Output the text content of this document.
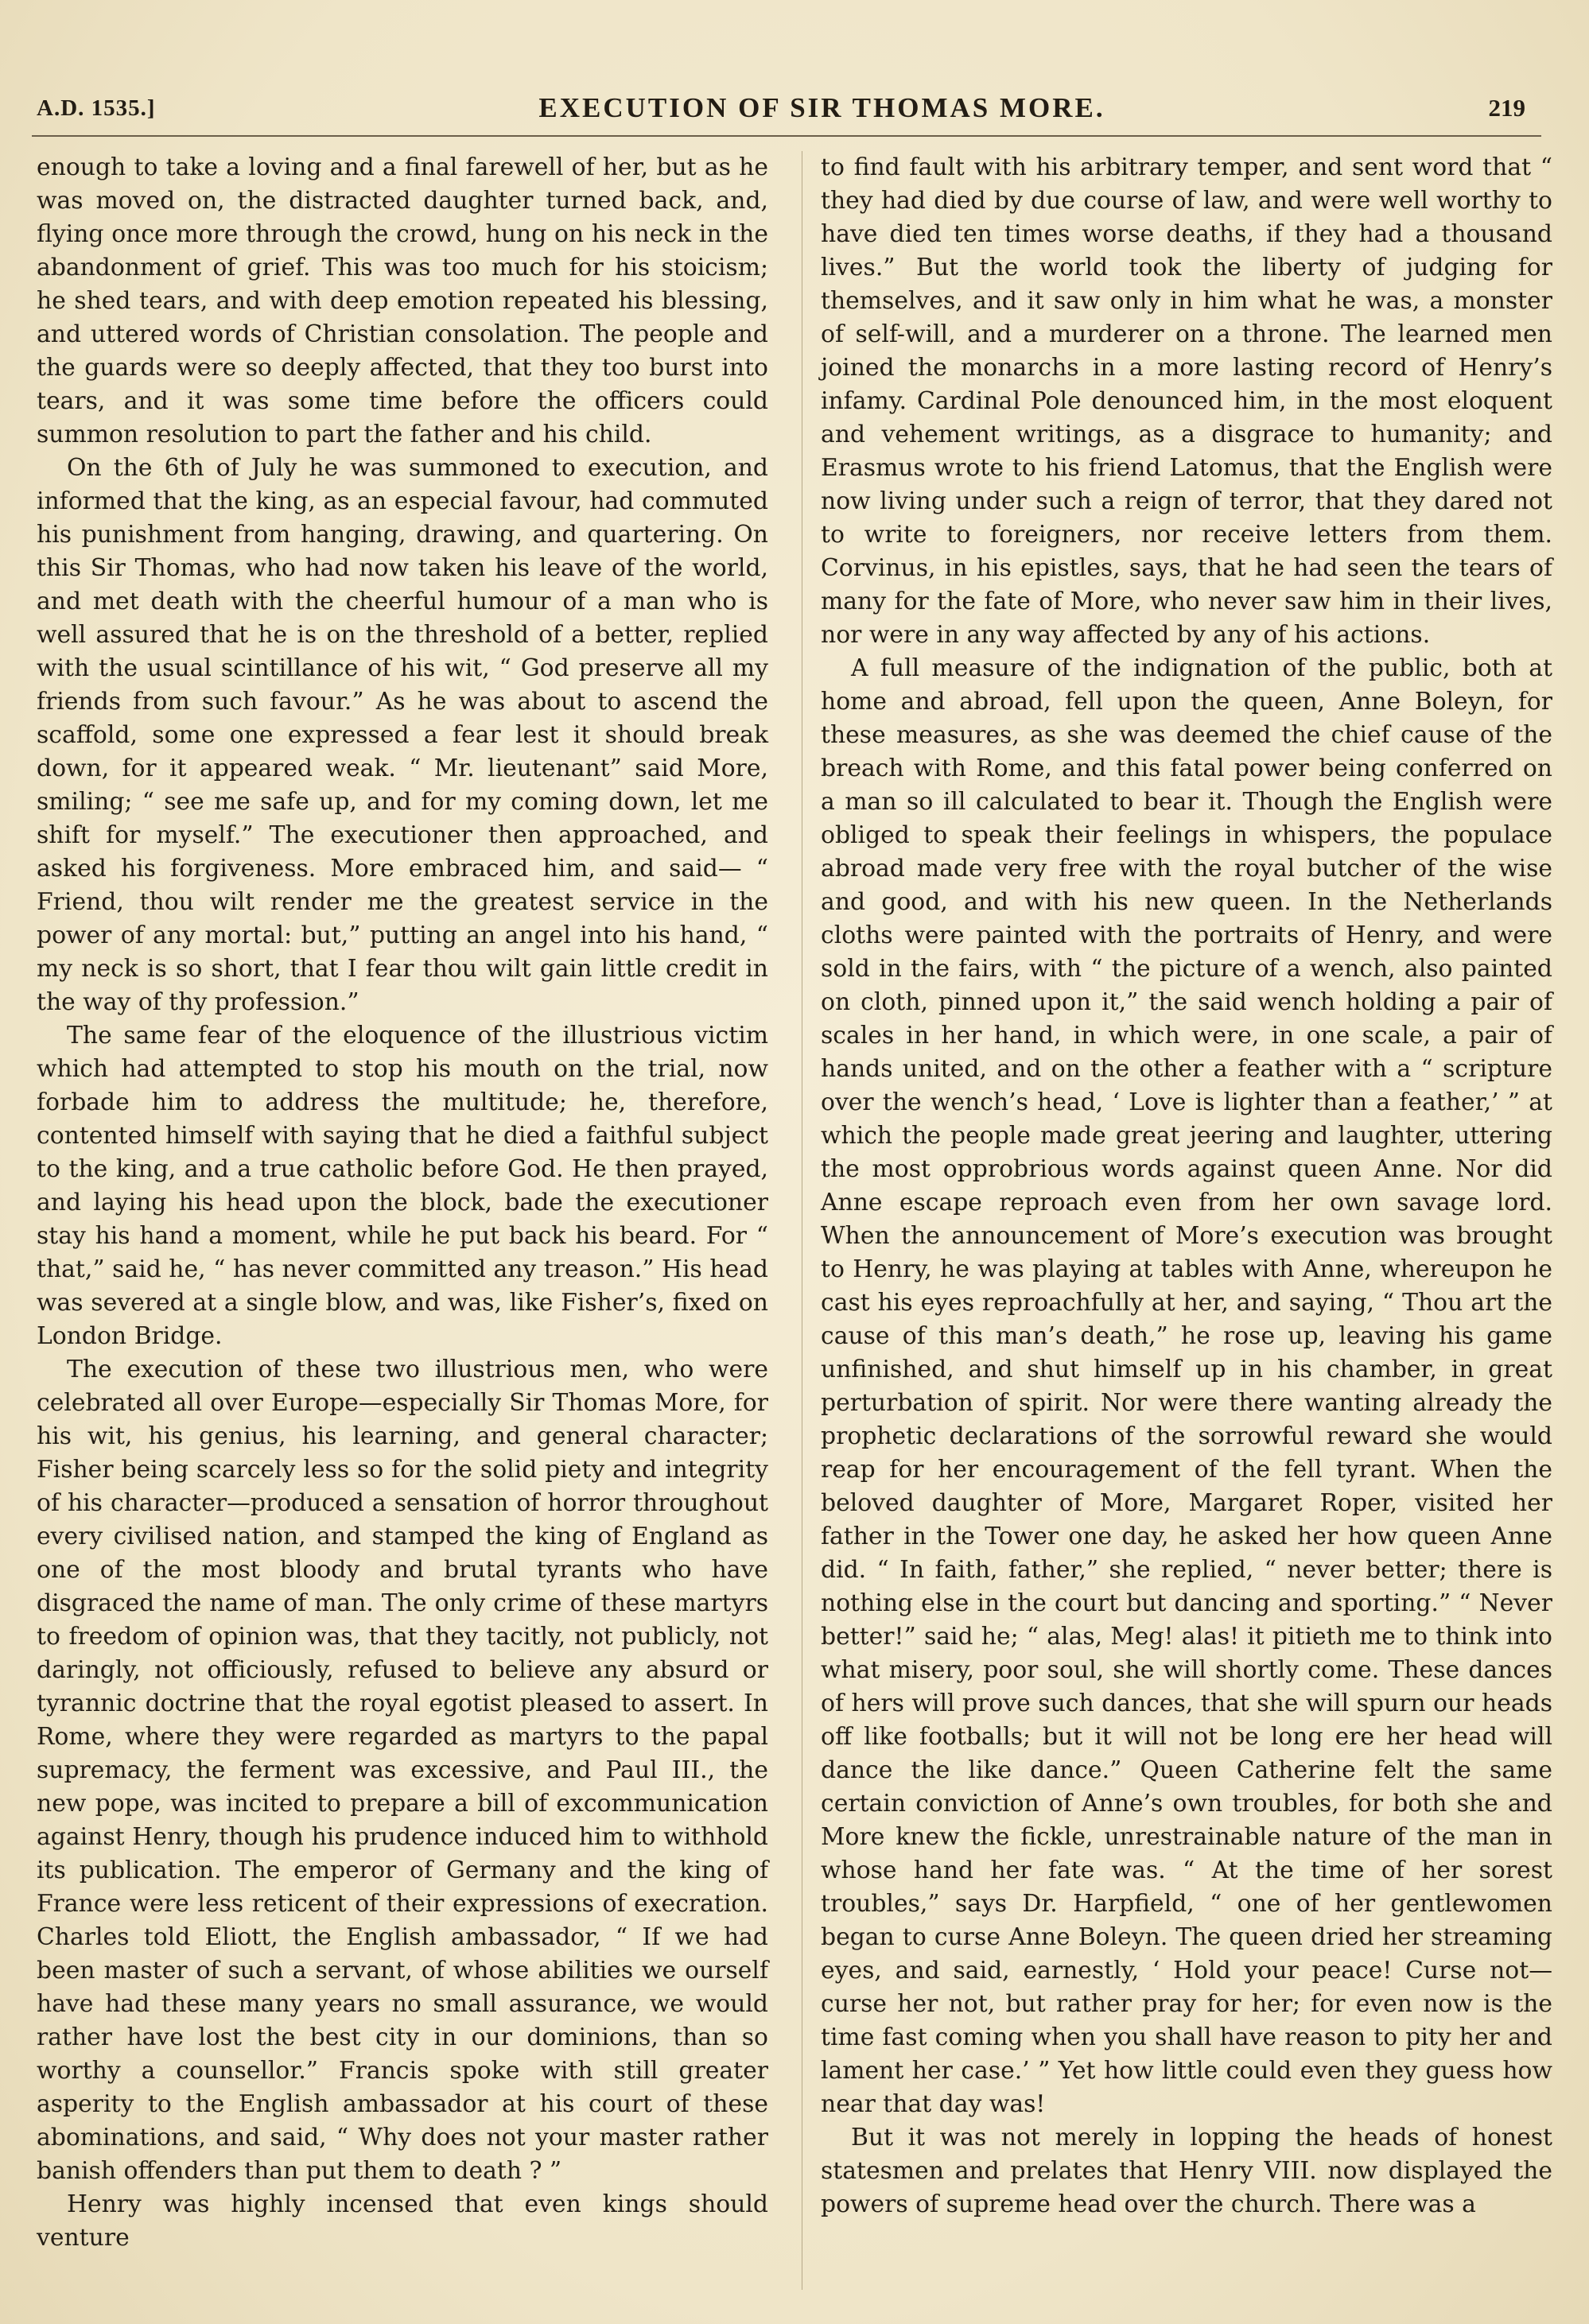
A.D. 1535.]	EXECUTION OF SIR THOMAS MORE.	219

enough to take a loving and a final farewell of her, but as he was moved on, the distracted daughter turned back, and, flying once more through the crowd, hung on his neck in the abandonment of grief. This was too much for his stoicism; he shed tears, and with deep emotion repeated his blessing, and uttered words of Christian consolation. The people and the guards were so deeply affected, that they too burst into tears, and it was some time before the officers could summon resolution to part the father and his child.

On the 6th of July he was summoned to execution, and informed that the king, as an especial favour, had commuted his punishment from hanging, drawing, and quartering. On this Sir Thomas, who had now taken his leave of the world, and met death with the cheerful humour of a man who is well assured that he is on the threshold of a better, replied with the usual scintillance of his wit, “ God preserve all my friends from such favour.” As he was about to ascend the scaffold, some one expressed a fear lest it should break down, for it appeared weak. “ Mr. lieutenant” said More, smiling; “ see me safe up, and for my coming down, let me shift for myself.” The executioner then approached, and asked his forgiveness. More embraced him, and said— “ Friend, thou wilt render me the greatest service in the power of any mortal: but,” putting an angel into his hand, “ my neck is so short, that I fear thou wilt gain little credit in the way of thy profession.”

The same fear of the eloquence of the illustrious victim which had attempted to stop his mouth on the trial, now forbade him to address the multitude; he, therefore, contented himself with saying that he died a faithful subject to the king, and a true catholic before God. He then prayed, and laying his head upon the block, bade the executioner stay his hand a moment, while he put back his beard. For “ that,” said he, “ has never committed any treason.” His head was severed at a single blow, and was, like Fisher’s, fixed on London Bridge.

The execution of these two illustrious men, who were celebrated all over Europe—especially Sir Thomas More, for his wit, his genius, his learning, and general character; Fisher being scarcely less so for the solid piety and integrity of his character—produced a sensation of horror throughout every civilised nation, and stamped the king of England as one of the most bloody and brutal tyrants who have disgraced the name of man. The only crime of these martyrs to freedom of opinion was, that they tacitly, not publicly, not daringly, not officiously, refused to believe any absurd or tyrannic doctrine that the royal egotist pleased to assert. In Rome, where they were regarded as martyrs to the papal supremacy, the ferment was excessive, and Paul III., the new pope, was incited to prepare a bill of excommunication against Henry, though his prudence induced him to withhold its publication. The emperor of Germany and the king of France were less reticent of their expressions of execration. Charles told Eliott, the English ambassador, “ If we had been master of such a servant, of whose abilities we ourself have had these many years no small assurance, we would rather have lost the best city in our dominions, than so worthy a counsellor.” Francis spoke with still greater asperity to the English ambassador at his court of these abominations, and said, “ Why does not your master rather banish offenders than put them to death ? ”

Henry was highly incensed that even kings should venture

to find fault with his arbitrary temper, and sent word that “ they had died by due course of law, and were well worthy to have died ten times worse deaths, if they had a thousand lives.” But the world took the liberty of judging for themselves, and it saw only in him what he was, a monster of self-will, and a murderer on a throne. The learned men joined the monarchs in a more lasting record of Henry’s infamy. Cardinal Pole denounced him, in the most eloquent and vehement writings, as a disgrace to humanity; and Erasmus wrote to his friend Latomus, that the English were now living under such a reign of terror, that they dared not to write to foreigners, nor receive letters from them. Corvinus, in his epistles, says, that he had seen the tears of many for the fate of More, who never saw him in their lives, nor were in any way affected by any of his actions.

A full measure of the indignation of the public, both at home and abroad, fell upon the queen, Anne Boleyn, for these measures, as she was deemed the chief cause of the breach with Rome, and this fatal power being conferred on a man so ill calculated to bear it. Though the English were obliged to speak their feelings in whispers, the populace abroad made very free with the royal butcher of the wise and good, and with his new queen. In the Netherlands cloths were painted with the portraits of Henry, and were sold in the fairs, with “ the picture of a wench, also painted on cloth, pinned upon it,” the said wench holding a pair of scales in her hand, in which were, in one scale, a pair of hands united, and on the other a feather with a “ scripture over the wench’s head, ‘ Love is lighter than a feather,’ ” at which the people made great jeering and laughter, uttering the most opprobrious words against queen Anne. Nor did Anne escape reproach even from her own savage lord. When the announcement of More’s execution was brought to Henry, he was playing at tables with Anne, whereupon he cast his eyes reproachfully at her, and saying, “ Thou art the cause of this man’s death,” he rose up, leaving his game unfinished, and shut himself up in his chamber, in great perturbation of spirit. Nor were there wanting already the prophetic declarations of the sorrowful reward she would reap for her encouragement of the fell tyrant. When the beloved daughter of More, Margaret Roper, visited her father in the Tower one day, he asked her how queen Anne did. “ In faith, father,” she replied, “ never better; there is nothing else in the court but dancing and sporting.” “ Never better!” said he; “ alas, Meg! alas! it pitieth me to think into what misery, poor soul, she will shortly come. These dances of hers will prove such dances, that she will spurn our heads off like footballs; but it will not be long ere her head will dance the like dance.” Queen Catherine felt the same certain conviction of Anne’s own troubles, for both she and More knew the fickle, unrestrainable nature of the man in whose hand her fate was. “ At the time of her sorest troubles,” says Dr. Harpfield, “ one of her gentlewomen began to curse Anne Boleyn. The queen dried her streaming eyes, and said, earnestly, ‘ Hold your peace! Curse not—curse her not, but rather pray for her; for even now is the time fast coming when you shall have reason to pity her and lament her case.’ ” Yet how little could even they guess how near that day was!

But it was not merely in lopping the heads of honest statesmen and prelates that Henry VIII. now displayed the powers of supreme head over the church. There was a
